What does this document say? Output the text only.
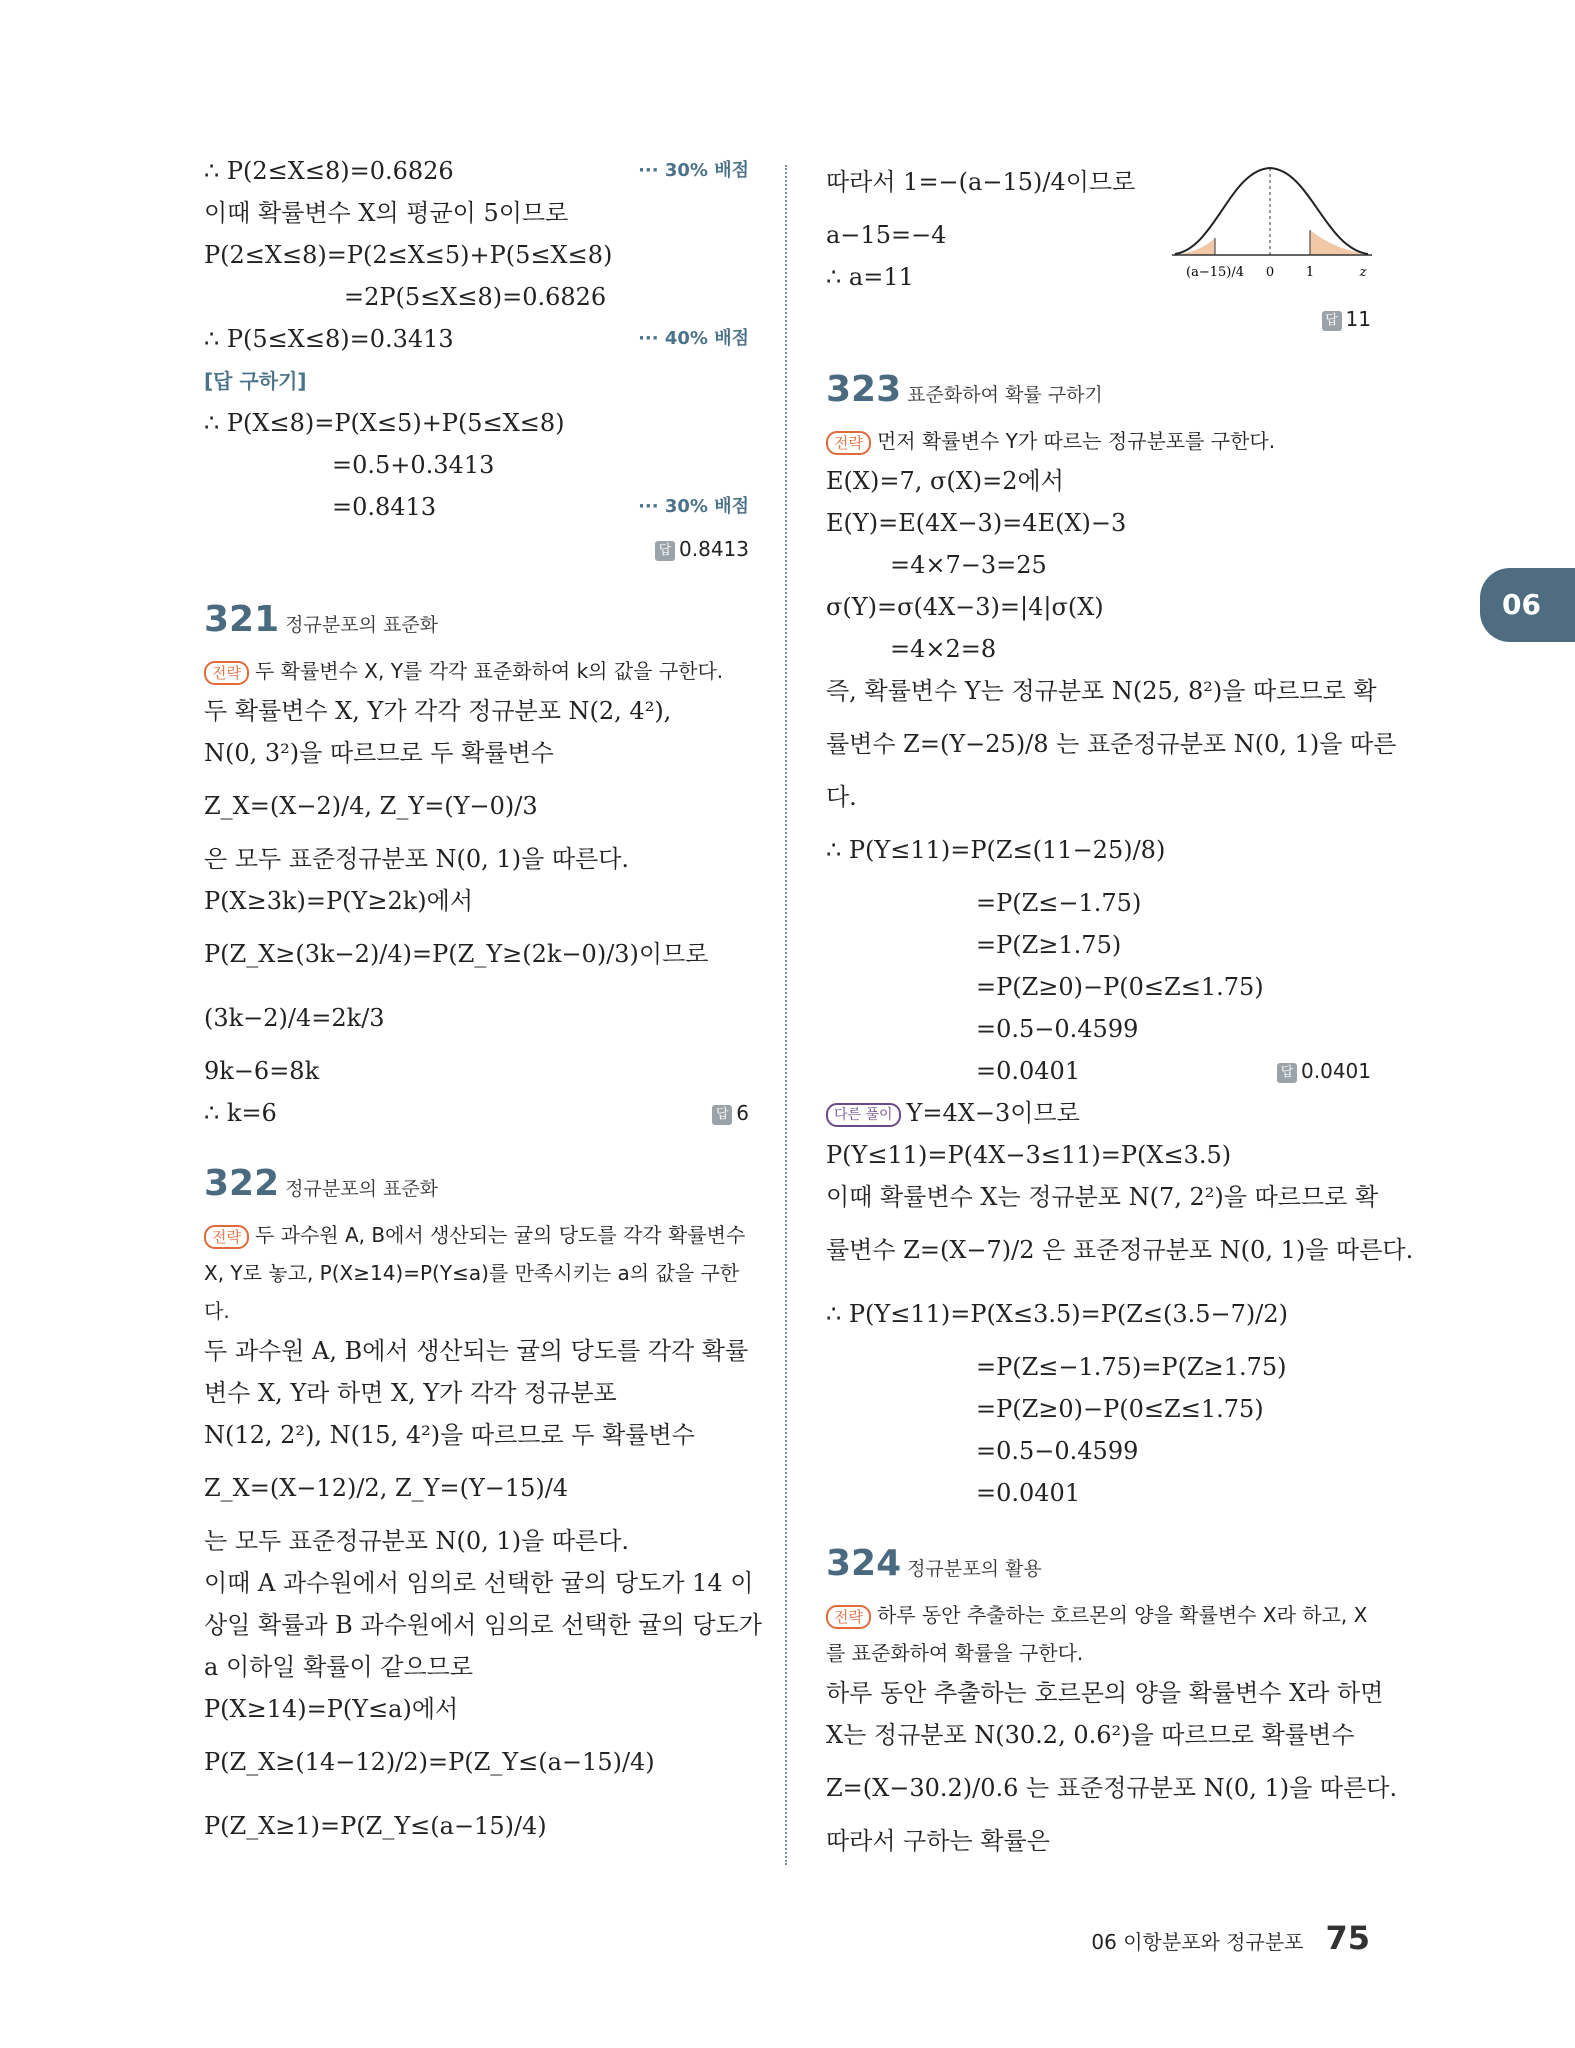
∴ P(2≤X≤8)=0.6826	··· 30% 배점
이때 확률변수 X의 평균이 5이므로
P(2≤X≤8)=P(2≤X≤5)+P(5≤X≤8)
=2P(5≤X≤8)=0.6826
∴ P(5≤X≤8)=0.3413	··· 40% 배점
[답 구하기]
∴ P(X≤8)=P(X≤5)+P(5≤X≤8)
=0.5+0.3413
=0.8413	··· 30% 배점
답 0.8413
321 정규분포의 표준화
전략 두 확률변수 X, Y를 각각 표준화하여 k의 값을 구한다.
두 확률변수 X, Y가 각각 정규분포 N(2, 4²),
N(0, 3²)을 따르므로 두 확률변수
Z_X=(X−2)/4, Z_Y=(Y−0)/3
은 모두 표준정규분포 N(0, 1)을 따른다.
P(X≥3k)=P(Y≥2k)에서
P(Z_X≥(3k−2)/4)=P(Z_Y≥(2k−0)/3)이므로
(3k−2)/4=2k/3
9k−6=8k
∴ k=6	답 6
322 정규분포의 표준화
전략 두 과수원 A, B에서 생산되는 귤의 당도를 각각 확률변수 X, Y로 놓고, P(X≥14)=P(Y≤a)를 만족시키는 a의 값을 구한다.
두 과수원 A, B에서 생산되는 귤의 당도를 각각 확률
변수 X, Y라 하면 X, Y가 각각 정규분포
N(12, 2²), N(15, 4²)을 따르므로 두 확률변수
Z_X=(X−12)/2, Z_Y=(Y−15)/4
는 모두 표준정규분포 N(0, 1)을 따른다.
이때 A 과수원에서 임의로 선택한 귤의 당도가 14 이
상일 확률과 B 과수원에서 임의로 선택한 귤의 당도가
a 이하일 확률이 같으므로
P(X≥14)=P(Y≤a)에서
P(Z_X≥(14−12)/2)=P(Z_Y≤(a−15)/4)
P(Z_X≥1)=P(Z_Y≤(a−15)/4)
(a−15)/4 0 1	z
따라서 1=−(a−15)/4이므로
a−15=−4
∴ a=11
답 11
323 표준화하여 확률 구하기
전략 먼저 확률변수 Y가 따르는 정규분포를 구한다.
E(X)=7, σ(X)=2에서
E(Y)=E(4X−3)=4E(X)−3
=4×7−3=25
σ(Y)=σ(4X−3)=|4|σ(X)
=4×2=8
즉, 확률변수 Y는 정규분포 N(25, 8²)을 따르므로 확
률변수 Z=(Y−25)/8 는 표준정규분포 N(0, 1)을 따른
다.
∴ P(Y≤11)=P(Z≤(11−25)/8)
=P(Z≤−1.75)
=P(Z≥1.75)
=P(Z≥0)−P(0≤Z≤1.75)
=0.5−0.4599
=0.0401	답 0.0401
다른 풀이 Y=4X−3이므로
P(Y≤11)=P(4X−3≤11)=P(X≤3.5)
이때 확률변수 X는 정규분포 N(7, 2²)을 따르므로 확
률변수 Z=(X−7)/2 은 표준정규분포 N(0, 1)을 따른다.
∴ P(Y≤11)=P(X≤3.5)=P(Z≤(3.5−7)/2)
=P(Z≤−1.75)=P(Z≥1.75)
=P(Z≥0)−P(0≤Z≤1.75)
=0.5−0.4599
=0.0401
324 정규분포의 활용
전략 하루 동안 추출하는 호르몬의 양을 확률변수 X라 하고, X를 표준화하여 확률을 구한다.
하루 동안 추출하는 호르몬의 양을 확률변수 X라 하면
X는 정규분포 N(30.2, 0.6²)을 따르므로 확률변수
Z=(X−30.2)/0.6 는 표준정규분포 N(0, 1)을 따른다.
따라서 구하는 확률은
06
06 이항분포와 정규분포 75
